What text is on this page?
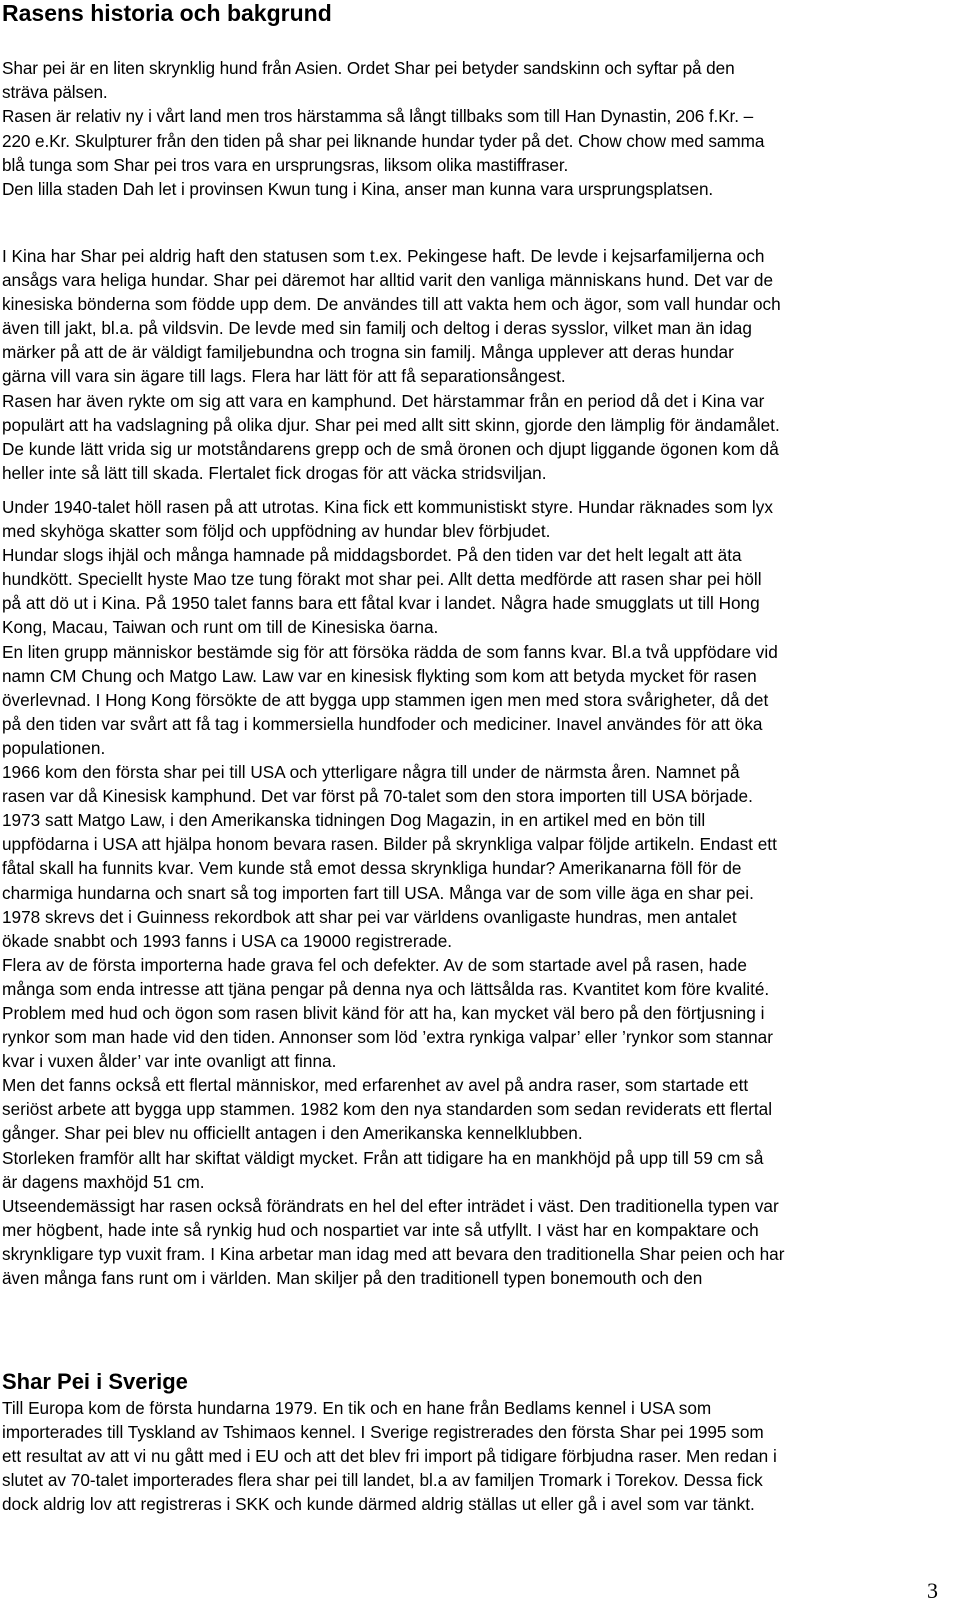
Rasens historia och bakgrund
Shar pei är en liten skrynklig hund från Asien. Ordet Shar pei betyder sandskinn och syftar på den
sträva pälsen.
Rasen är relativ ny i vårt land men tros härstamma så långt tillbaks som till Han Dynastin, 206 f.Kr. –
220 e.Kr. Skulpturer från den tiden på shar pei liknande hundar tyder på det. Chow chow med samma
blå tunga som Shar pei tros vara en ursprungsras, liksom olika mastiffraser.
Den lilla staden Dah let i provinsen Kwun tung i Kina, anser man kunna vara ursprungsplatsen.
I Kina har Shar pei aldrig haft den statusen som t.ex. Pekingese haft. De levde i kejsarfamiljerna och
ansågs vara heliga hundar. Shar pei däremot har alltid varit den vanliga människans hund. Det var de
kinesiska bönderna som födde upp dem. De användes till att vakta hem och ägor, som vall hundar och
även till jakt, bl.a. på vildsvin. De levde med sin familj och deltog i deras sysslor, vilket man än idag
märker på att de är väldigt familjebundna och trogna sin familj. Många upplever att deras hundar
gärna vill vara sin ägare till lags. Flera har lätt för att få separationsångest.
Rasen har även rykte om sig att vara en kamphund. Det härstammar från en period då det i Kina var
populärt att ha vadslagning på olika djur. Shar pei med allt sitt skinn, gjorde den lämplig för ändamålet.
De kunde lätt vrida sig ur motståndarens grepp och de små öronen och djupt liggande ögonen kom då
heller inte så lätt till skada. Flertalet fick drogas för att väcka stridsviljan.
Under 1940-talet höll rasen på att utrotas. Kina fick ett kommunistiskt styre. Hundar räknades som lyx
med skyhöga skatter som följd och uppfödning av hundar blev förbjudet.
Hundar slogs ihjäl och många hamnade på middagsbordet. På den tiden var det helt legalt att äta
hundkött. Speciellt hyste Mao tze tung förakt mot shar pei. Allt detta medförde att rasen shar pei höll
på att dö ut i Kina. På 1950 talet fanns bara ett fåtal kvar i landet. Några hade smugglats ut till Hong
Kong, Macau, Taiwan och runt om till de Kinesiska öarna.
En liten grupp människor bestämde sig för att försöka rädda de som fanns kvar. Bl.a två uppfödare vid
namn CM Chung och Matgo Law. Law var en kinesisk flykting som kom att betyda mycket för rasen
överlevnad. I Hong Kong försökte de att bygga upp stammen igen men med stora svårigheter, då det
på den tiden var svårt att få tag i kommersiella hundfoder och mediciner. Inavel användes för att öka
populationen.
1966 kom den första shar pei till USA och ytterligare några till under de närmsta åren. Namnet på
rasen var då Kinesisk kamphund. Det var först på 70-talet som den stora importen till USA började.
1973 satt Matgo Law, i den Amerikanska tidningen Dog Magazin, in en artikel med en bön till
uppfödarna i USA att hjälpa honom bevara rasen. Bilder på skrynkliga valpar följde artikeln. Endast ett
fåtal skall ha funnits kvar. Vem kunde stå emot dessa skrynkliga hundar? Amerikanarna föll för de
charmiga hundarna och snart så tog importen fart till USA. Många var de som ville äga en shar pei.
1978 skrevs det i Guinness rekordbok att shar pei var världens ovanligaste hundras, men antalet
ökade snabbt och 1993 fanns i USA ca 19000 registrerade.
Flera av de första importerna hade grava fel och defekter. Av de som startade avel på rasen, hade
många som enda intresse att tjäna pengar på denna nya och lättsålda ras. Kvantitet kom före kvalité.
Problem med hud och ögon som rasen blivit känd för att ha, kan mycket väl bero på den förtjusning i
rynkor som man hade vid den tiden. Annonser som löd ’extra rynkiga valpar’ eller ’rynkor som stannar
kvar i vuxen ålder’ var inte ovanligt att finna.
Men det fanns också ett flertal människor, med erfarenhet av avel på andra raser, som startade ett
seriöst arbete att bygga upp stammen. 1982 kom den nya standarden som sedan reviderats ett flertal
gånger. Shar pei blev nu officiellt antagen i den Amerikanska kennelklubben.
Storleken framför allt har skiftat väldigt mycket. Från att tidigare ha en mankhöjd på upp till 59 cm så
är dagens maxhöjd 51 cm.
Utseendemässigt har rasen också förändrats en hel del efter inträdet i väst. Den traditionella typen var
mer högbent, hade inte så rynkig hud och nospartiet var inte så utfyllt. I väst har en kompaktare och
skrynkligare typ vuxit fram. I Kina arbetar man idag med att bevara den traditionella Shar peien och har
även många fans runt om i världen. Man skiljer på den traditionell typen bonemouth och den
Shar Pei i Sverige
Till Europa kom de första hundarna 1979. En tik och en hane från Bedlams kennel i USA som
importerades till Tyskland av Tshimaos kennel. I Sverige registrerades den första Shar pei 1995 som
ett resultat av att vi nu gått med i EU och att det blev fri import på tidigare förbjudna raser. Men redan i
slutet av 70-talet importerades flera shar pei till landet, bl.a av familjen Tromark i Torekov. Dessa fick
dock aldrig lov att registreras i SKK och kunde därmed aldrig ställas ut eller gå i avel som var tänkt.
3
